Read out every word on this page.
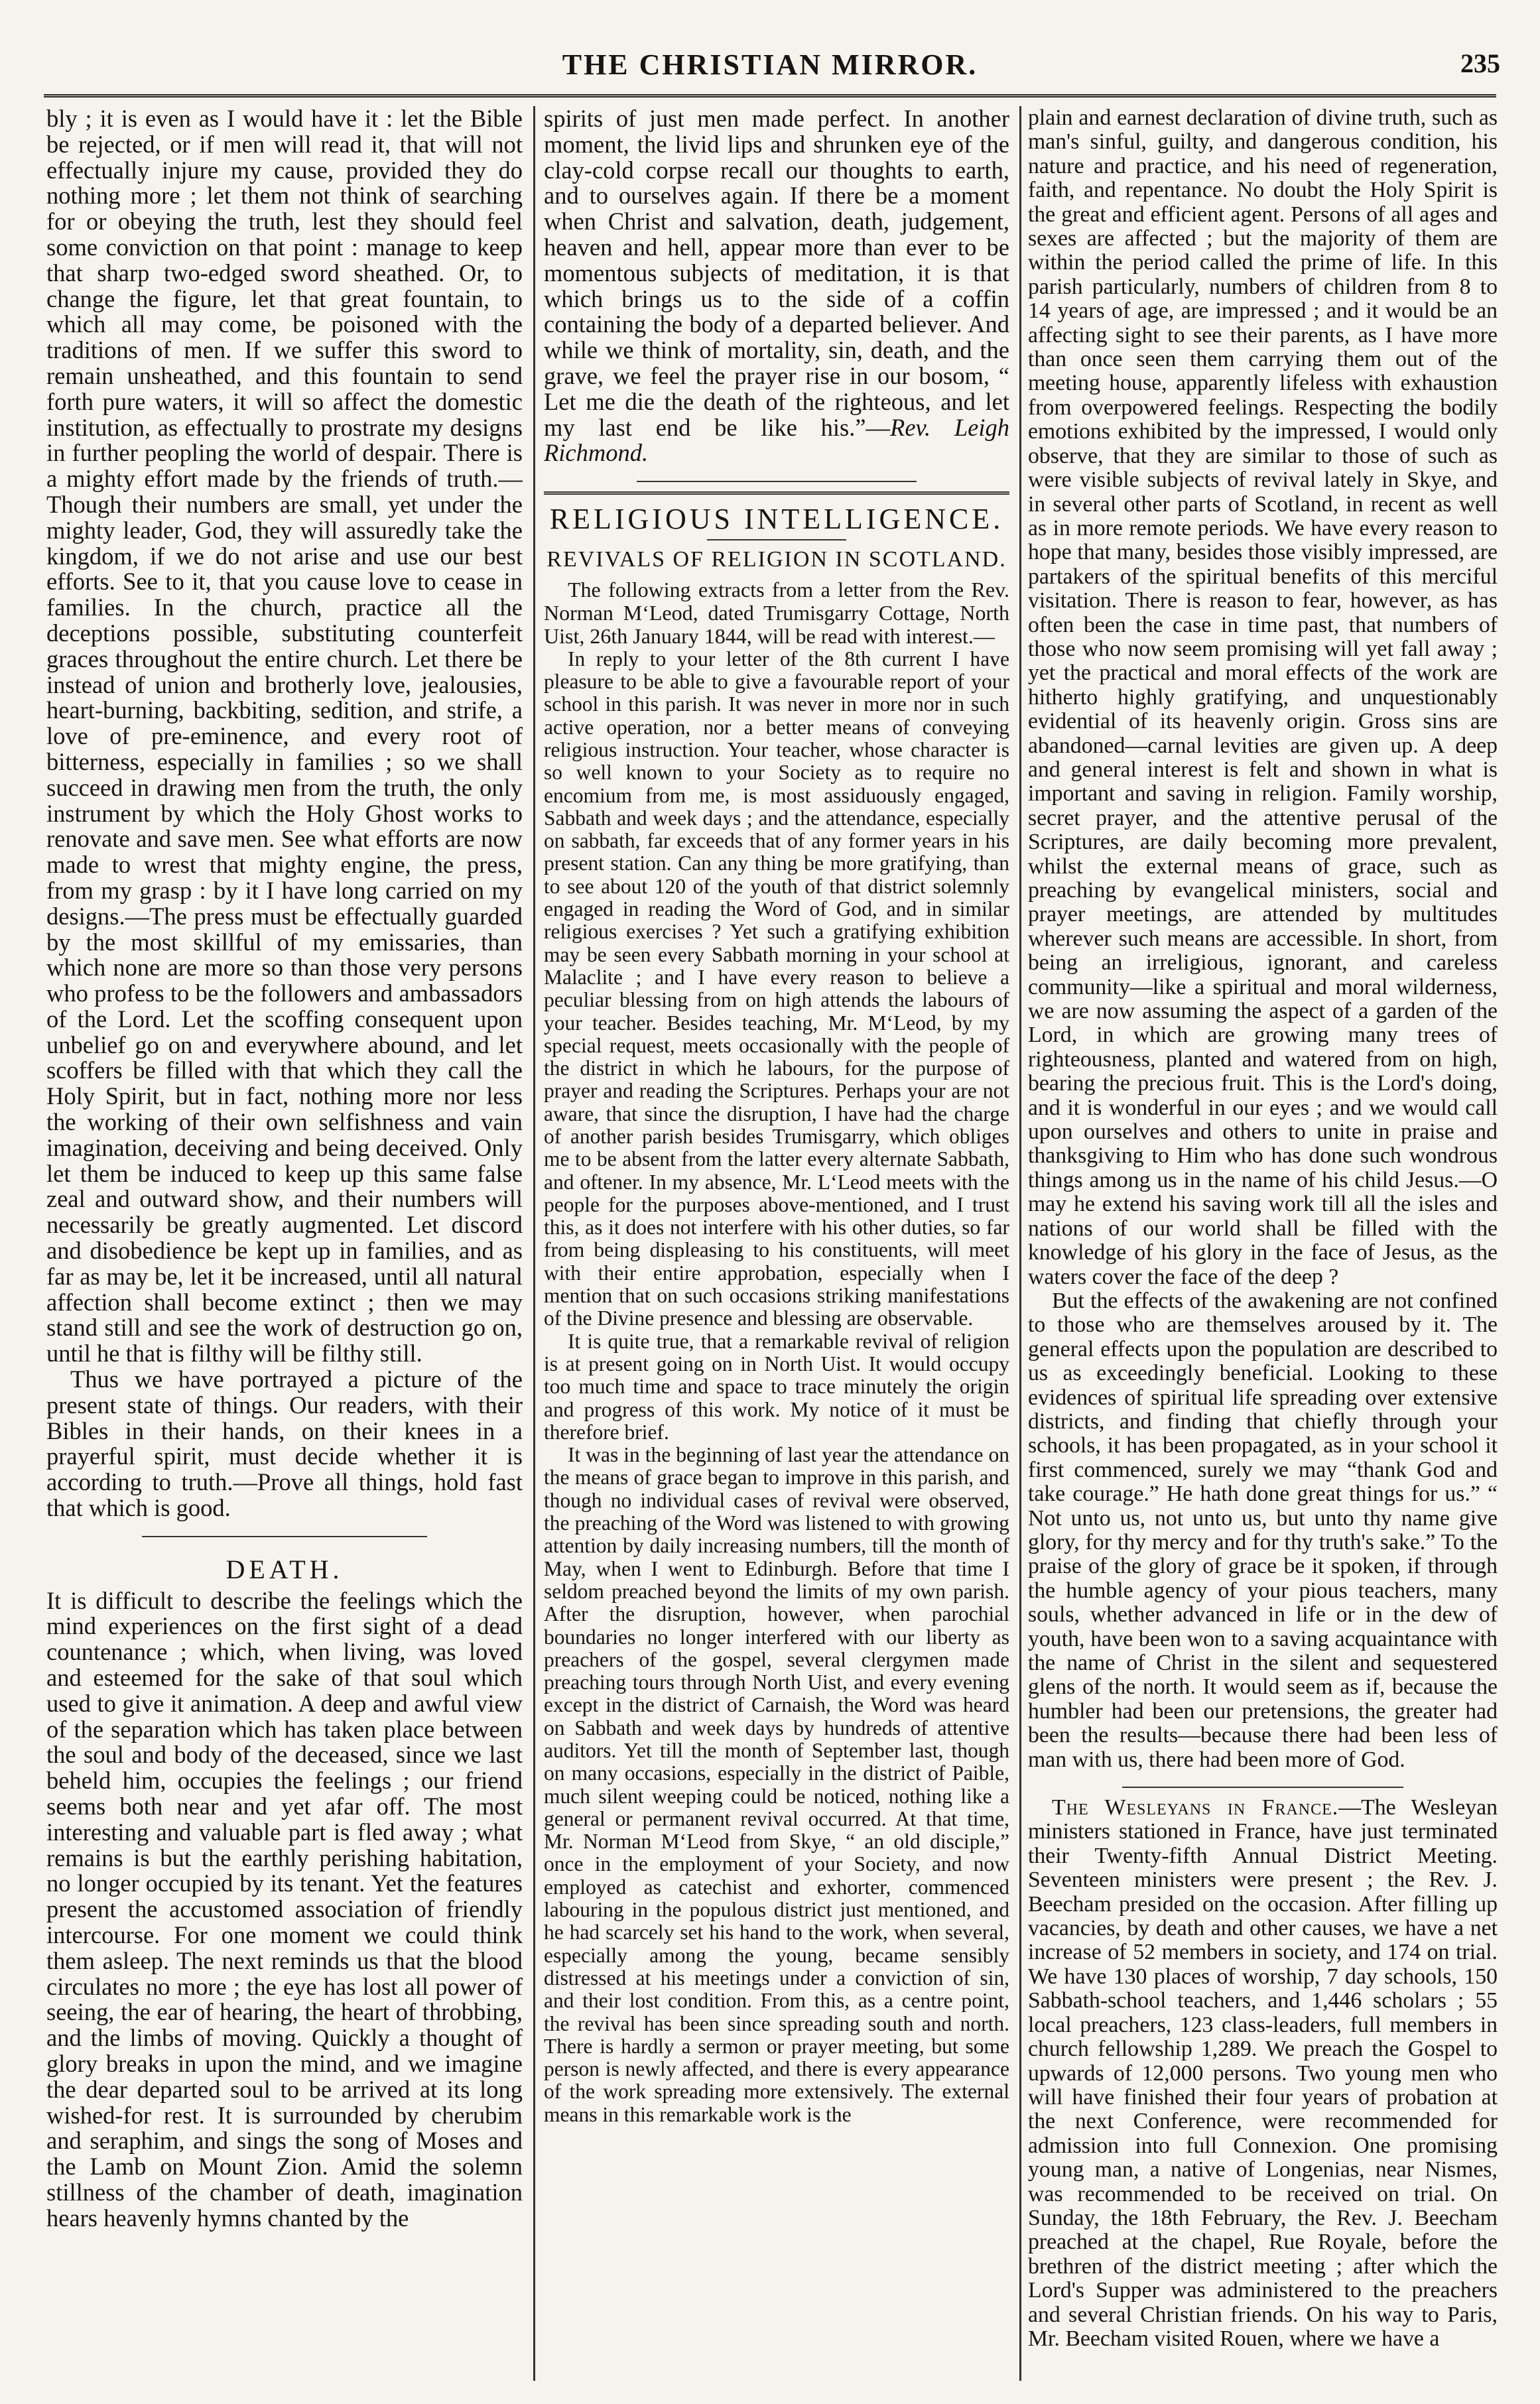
THE CHRISTIAN MIRROR.	235

bly ; it is even as I would have it : let the Bible be rejected, or if men will read it, that will not effectually injure my cause, provided they do nothing more ; let them not think of searching for or obeying the truth, lest they should feel some conviction on that point : manage to keep that sharp two-edged sword sheathed. Or, to change the figure, let that great fountain, to which all may come, be poisoned with the traditions of men. If we suffer this sword to remain unsheathed, and this fountain to send forth pure waters, it will so affect the domestic institution, as effectually to prostrate my designs in further peopling the world of despair. There is a mighty effort made by the friends of truth.—Though their numbers are small, yet under the mighty leader, God, they will assuredly take the kingdom, if we do not arise and use our best efforts. See to it, that you cause love to cease in families. In the church, practice all the deceptions possible, substituting counterfeit graces throughout the entire church. Let there be instead of union and brotherly love, jealousies, heart-burning, backbiting, sedition, and strife, a love of pre-eminence, and every root of bitterness, especially in families ; so we shall succeed in drawing men from the truth, the only instrument by which the Holy Ghost works to renovate and save men. See what efforts are now made to wrest that mighty engine, the press, from my grasp : by it I have long carried on my designs.—The press must be effectually guarded by the most skillful of my emissaries, than which none are more so than those very persons who profess to be the followers and ambassadors of the Lord. Let the scoffing consequent upon unbelief go on and everywhere abound, and let scoffers be filled with that which they call the Holy Spirit, but in fact, nothing more nor less the working of their own selfishness and vain imagination, deceiving and being deceived. Only let them be induced to keep up this same false zeal and outward show, and their numbers will necessarily be greatly augmented. Let discord and disobedience be kept up in families, and as far as may be, let it be increased, until all natural affection shall become extinct ; then we may stand still and see the work of destruction go on, until he that is filthy will be filthy still.

Thus we have portrayed a picture of the present state of things. Our readers, with their Bibles in their hands, on their knees in a prayerful spirit, must decide whether it is according to truth.—Prove all things, hold fast that which is good.

DEATH.

It is difficult to describe the feelings which the mind experiences on the first sight of a dead countenance ; which, when living, was loved and esteemed for the sake of that soul which used to give it animation. A deep and awful view of the separation which has taken place between the soul and body of the deceased, since we last beheld him, occupies the feelings ; our friend seems both near and yet afar off. The most interesting and valuable part is fled away ; what remains is but the earthly perishing habitation, no longer occupied by its tenant. Yet the features present the accustomed association of friendly intercourse. For one moment we could think them asleep. The next reminds us that the blood circulates no more ; the eye has lost all power of seeing, the ear of hearing, the heart of throbbing, and the limbs of moving. Quickly a thought of glory breaks in upon the mind, and we imagine the dear departed soul to be arrived at its long wished-for rest. It is surrounded by cherubim and seraphim, and sings the song of Moses and the Lamb on Mount Zion. Amid the solemn stillness of the chamber of death, imagination hears heavenly hymns chanted by the

spirits of just men made perfect. In another moment, the livid lips and shrunken eye of the clay-cold corpse recall our thoughts to earth, and to ourselves again. If there be a moment when Christ and salvation, death, judgement, heaven and hell, appear more than ever to be momentous subjects of meditation, it is that which brings us to the side of a coffin containing the body of a departed believer. And while we think of mortality, sin, death, and the grave, we feel the prayer rise in our bosom, “ Let me die the death of the righteous, and let my last end be like his.”—Rev. Leigh Richmond.

RELIGIOUS INTELLIGENCE.
REVIVALS OF RELIGION IN SCOTLAND.

The following extracts from a letter from the Rev. Norman M‘Leod, dated Trumisgarry Cottage, North Uist, 26th January 1844, will be read with interest.—

In reply to your letter of the 8th current I have pleasure to be able to give a favourable report of your school in this parish. It was never in more nor in such active operation, nor a better means of conveying religious instruction. Your teacher, whose character is so well known to your Society as to require no encomium from me, is most assiduously engaged, Sabbath and week days ; and the attendance, especially on sabbath, far exceeds that of any former years in his present station. Can any thing be more gratifying, than to see about 120 of the youth of that district solemnly engaged in reading the Word of God, and in similar religious exercises ? Yet such a gratifying exhibition may be seen every Sabbath morning in your school at Malaclite ; and I have every reason to believe a peculiar blessing from on high attends the labours of your teacher. Besides teaching, Mr. M‘Leod, by my special request, meets occasionally with the people of the district in which he labours, for the purpose of prayer and reading the Scriptures. Perhaps your are not aware, that since the disruption, I have had the charge of another parish besides Trumisgarry, which obliges me to be absent from the latter every alternate Sabbath, and oftener. In my absence, Mr. L‘Leod meets with the people for the purposes above-mentioned, and I trust this, as it does not interfere with his other duties, so far from being displeasing to his constituents, will meet with their entire approbation, especially when I mention that on such occasions striking manifestations of the Divine presence and blessing are observable.

It is quite true, that a remarkable revival of religion is at present going on in North Uist. It would occupy too much time and space to trace minutely the origin and progress of this work. My notice of it must be therefore brief.

It was in the beginning of last year the attendance on the means of grace began to improve in this parish, and though no individual cases of revival were observed, the preaching of the Word was listened to with growing attention by daily increasing numbers, till the month of May, when I went to Edinburgh. Before that time I seldom preached beyond the limits of my own parish. After the disruption, however, when parochial boundaries no longer interfered with our liberty as preachers of the gospel, several clergymen made preaching tours through North Uist, and every evening except in the district of Carnaish, the Word was heard on Sabbath and week days by hundreds of attentive auditors. Yet till the month of September last, though on many occasions, especially in the district of Paible, much silent weeping could be noticed, nothing like a general or permanent revival occurred. At that time, Mr. Norman M‘Leod from Skye, “ an old disciple,” once in the employment of your Society, and now employed as catechist and exhorter, commenced labouring in the populous district just mentioned, and he had scarcely set his hand to the work, when several, especially among the young, became sensibly distressed at his meetings under a conviction of sin, and their lost condition. From this, as a centre point, the revival has been since spreading south and north. There is hardly a sermon or prayer meeting, but some person is newly affected, and there is every appearance of the work spreading more extensively. The external means in this remarkable work is the

plain and earnest declaration of divine truth, such as man's sinful, guilty, and dangerous condition, his nature and practice, and his need of regeneration, faith, and repentance. No doubt the Holy Spirit is the great and efficient agent. Persons of all ages and sexes are affected ; but the majority of them are within the period called the prime of life. In this parish particularly, numbers of children from 8 to 14 years of age, are impressed ; and it would be an affecting sight to see their parents, as I have more than once seen them carrying them out of the meeting house, apparently lifeless with exhaustion from overpowered feelings. Respecting the bodily emotions exhibited by the impressed, I would only observe, that they are similar to those of such as were visible subjects of revival lately in Skye, and in several other parts of Scotland, in recent as well as in more remote periods. We have every reason to hope that many, besides those visibly impressed, are partakers of the spiritual benefits of this merciful visitation. There is reason to fear, however, as has often been the case in time past, that numbers of those who now seem promising will yet fall away ; yet the practical and moral effects of the work are hitherto highly gratifying, and unquestionably evidential of its heavenly origin. Gross sins are abandoned—carnal levities are given up. A deep and general interest is felt and shown in what is important and saving in religion. Family worship, secret prayer, and the attentive perusal of the Scriptures, are daily becoming more prevalent, whilst the external means of grace, such as preaching by evangelical ministers, social and prayer meetings, are attended by multitudes wherever such means are accessible. In short, from being an irreligious, ignorant, and careless community—like a spiritual and moral wilderness, we are now assuming the aspect of a garden of the Lord, in which are growing many trees of righteousness, planted and watered from on high, bearing the precious fruit. This is the Lord's doing, and it is wonderful in our eyes ; and we would call upon ourselves and others to unite in praise and thanksgiving to Him who has done such wondrous things among us in the name of his child Jesus.—O may he extend his saving work till all the isles and nations of our world shall be filled with the knowledge of his glory in the face of Jesus, as the waters cover the face of the deep ?

But the effects of the awakening are not confined to those who are themselves aroused by it. The general effects upon the population are described to us as exceedingly beneficial. Looking to these evidences of spiritual life spreading over extensive districts, and finding that chiefly through your schools, it has been propagated, as in your school it first commenced, surely we may “thank God and take courage.” He hath done great things for us.” “ Not unto us, not unto us, but unto thy name give glory, for thy mercy and for thy truth's sake.” To the praise of the glory of grace be it spoken, if through the humble agency of your pious teachers, many souls, whether advanced in life or in the dew of youth, have been won to a saving acquaintance with the name of Christ in the silent and sequestered glens of the north. It would seem as if, because the humbler had been our pretensions, the greater had been the results—because there had been less of man with us, there had been more of God.

The Wesleyans in France.—The Wesleyan ministers stationed in France, have just terminated their Twenty-fifth Annual District Meeting. Seventeen ministers were present ; the Rev. J. Beecham presided on the occasion. After filling up vacancies, by death and other causes, we have a net increase of 52 members in society, and 174 on trial. We have 130 places of worship, 7 day schools, 150 Sabbath-school teachers, and 1,446 scholars ; 55 local preachers, 123 class-leaders, full members in church fellowship 1,289. We preach the Gospel to upwards of 12,000 persons. Two young men who will have finished their four years of probation at the next Conference, were recommended for admission into full Connexion. One promising young man, a native of Longenias, near Nismes, was recommended to be received on trial. On Sunday, the 18th February, the Rev. J. Beecham preached at the chapel, Rue Royale, before the brethren of the district meeting ; after which the Lord's Supper was administered to the preachers and several Christian friends. On his way to Paris, Mr. Beecham visited Rouen, where we have a
